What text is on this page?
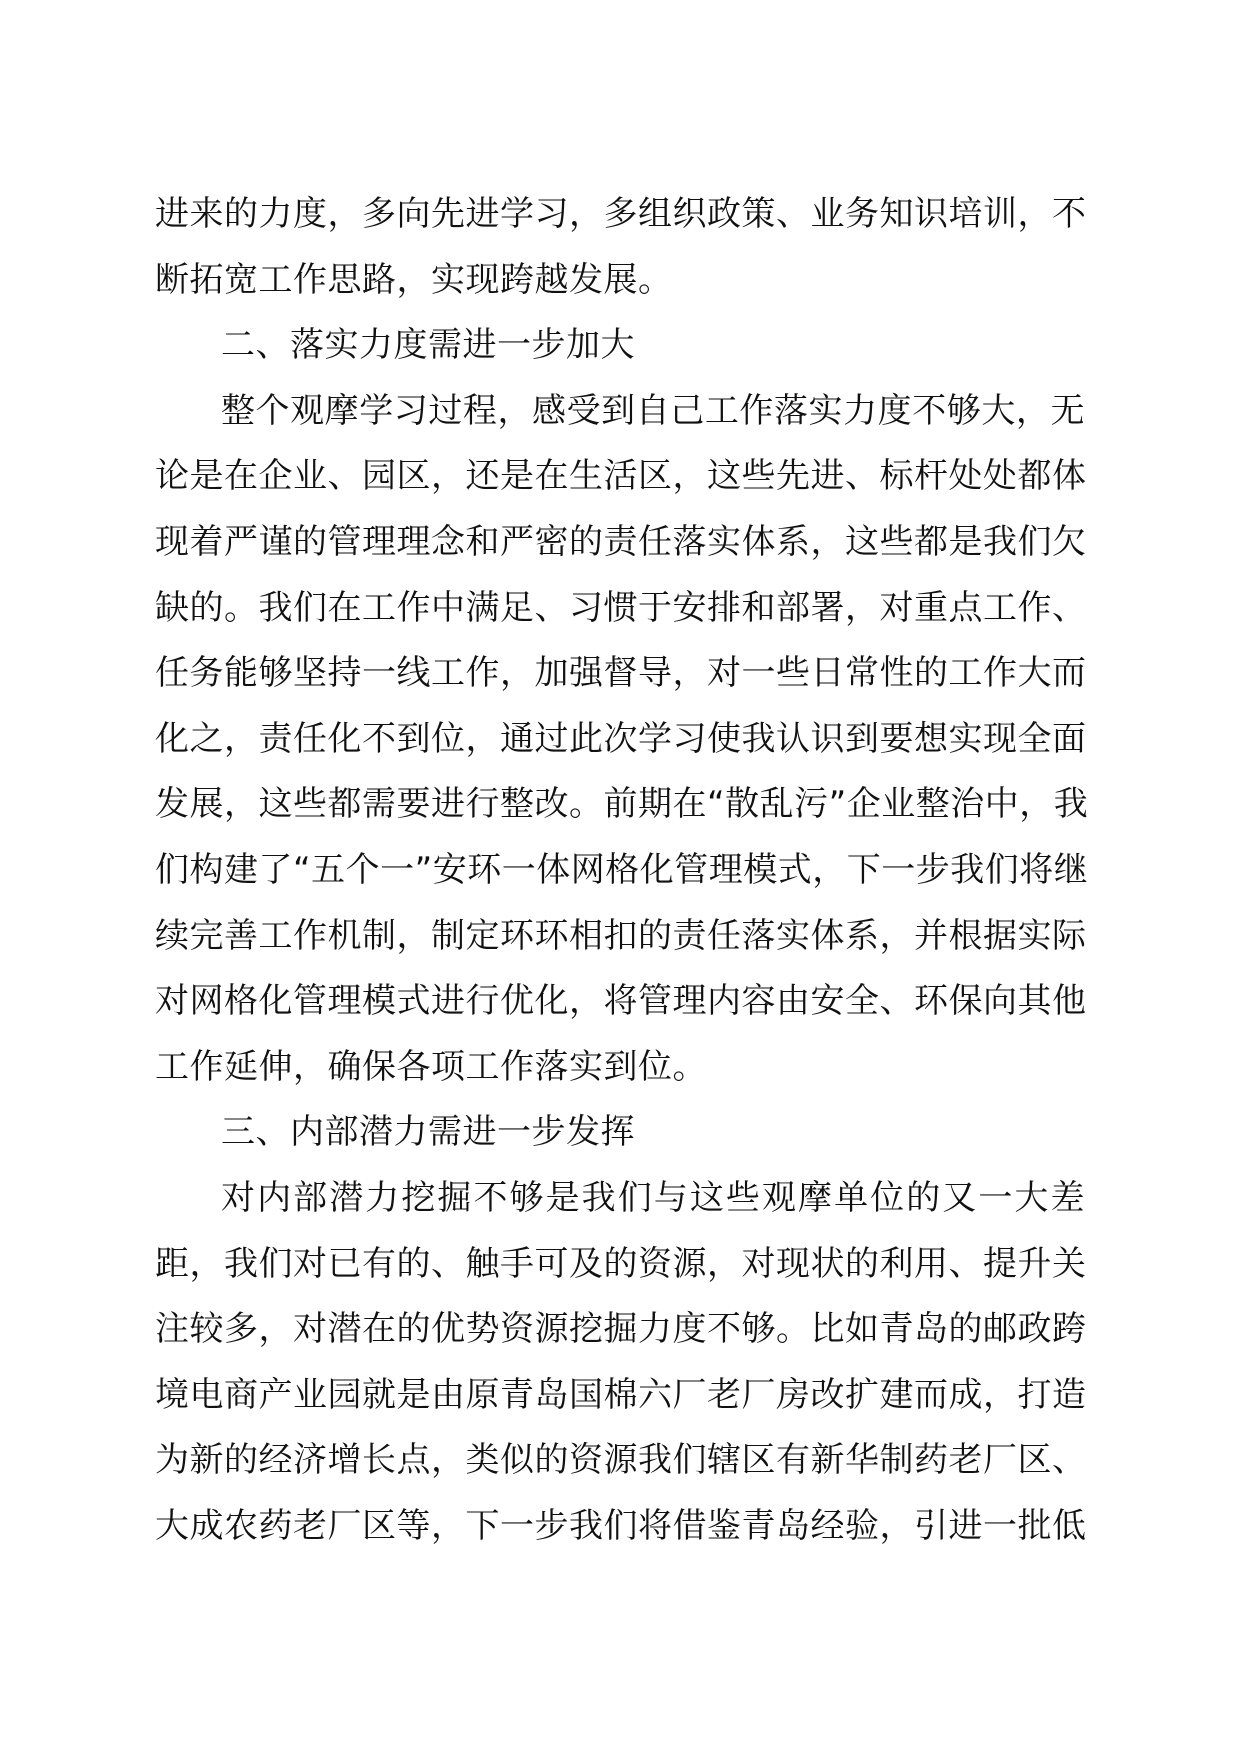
进来的力度，多向先进学习，多组织政策、业务知识培训，不
断拓宽工作思路，实现跨越发展。
二、落实力度需进一步加大
整个观摩学习过程，感受到自己工作落实力度不够大，无
论是在企业、园区，还是在生活区，这些先进、标杆处处都体
现着严谨的管理理念和严密的责任落实体系，这些都是我们欠
缺的。我们在工作中满足、习惯于安排和部署，对重点工作、
任务能够坚持一线工作，加强督导，对一些日常性的工作大而
化之，责任化不到位，通过此次学习使我认识到要想实现全面
发展，这些都需要进行整改。前期在“散乱污”企业整治中，我
们构建了“五个一”安环一体网格化管理模式，下一步我们将继
续完善工作机制，制定环环相扣的责任落实体系，并根据实际
对网格化管理模式进行优化，将管理内容由安全、环保向其他
工作延伸，确保各项工作落实到位。
三、内部潜力需进一步发挥
对内部潜力挖掘不够是我们与这些观摩单位的又一大差
距，我们对已有的、触手可及的资源，对现状的利用、提升关
注较多，对潜在的优势资源挖掘力度不够。比如青岛的邮政跨
境电商产业园就是由原青岛国棉六厂老厂房改扩建而成，打造
为新的经济增长点，类似的资源我们辖区有新华制药老厂区、
大成农药老厂区等，下一步我们将借鉴青岛经验，引进一批低
